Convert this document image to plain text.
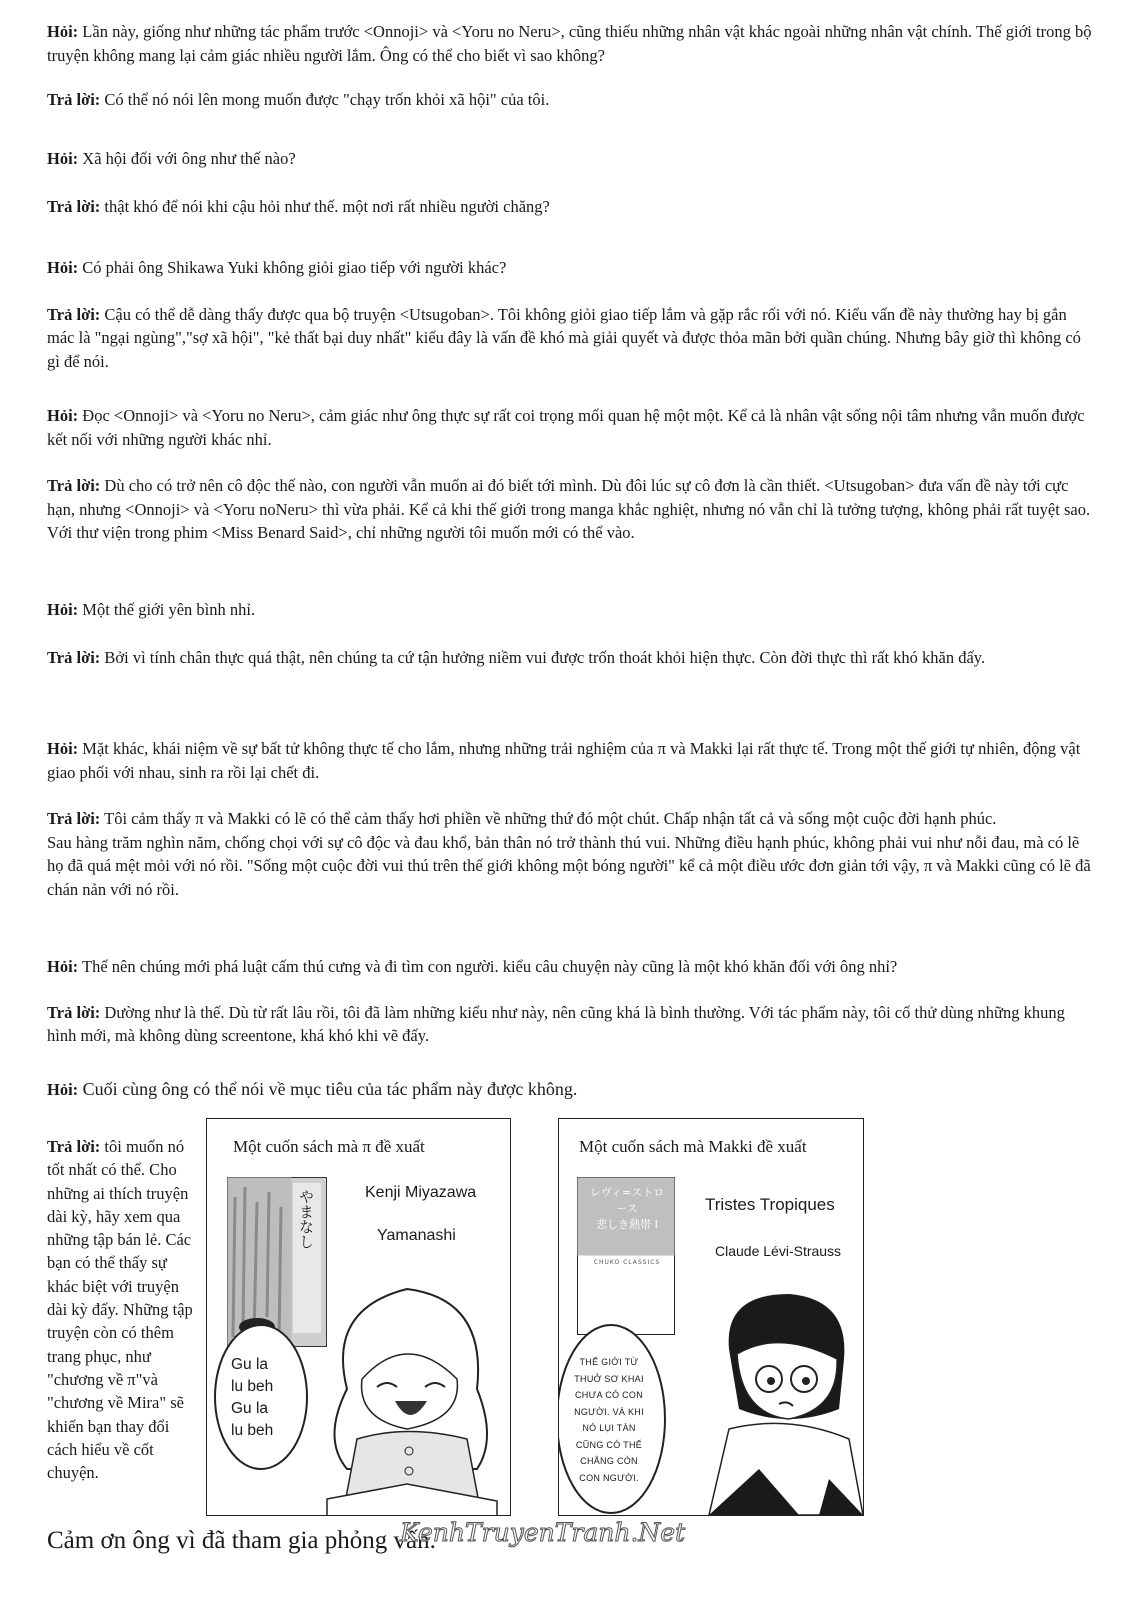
Hỏi: Lần này, giống như những tác phẩm trước <Onnoji> và <Yoru no Neru>, cũng thiếu những nhân vật khác ngoài những nhân vật chính. Thế giới trong bộ truyện không mang lại cảm giác nhiều người lắm. Ông có thể cho biết vì sao không?
Trả lời: Có thể nó nói lên mong muốn được "chạy trốn khỏi xã hội" của tôi.
Hỏi: Xã hội đối với ông như thế nào?
Trả lời: thật khó để nói khi cậu hỏi như thế. một nơi rất nhiều người chăng?
Hỏi: Có phải ông Shikawa Yuki không giỏi giao tiếp với người khác?
Trả lời: Cậu có thể dễ dàng thấy được qua bộ truyện <Utsugoban>. Tôi không giỏi giao tiếp lắm và gặp rắc rối với nó. Kiểu vấn đề này thường hay bị gắn mác là "ngại ngùng","sợ xã hội", "kẻ thất bại duy nhất" kiểu đây là vấn đề khó mà giải quyết và được thỏa mãn bởi quần chúng. Nhưng bây giờ thì không có gì để nói.
Hỏi: Đọc <Onnoji> và <Yoru no Neru>, cảm giác như ông thực sự rất coi trọng mối quan hệ một một. Kể cả là nhân vật sống nội tâm nhưng vẫn muốn được kết nối với những người khác nhỉ.
Trả lời: Dù cho có trở nên cô độc thế nào, con người vẫn muốn ai đó biết tới mình. Dù đôi lúc sự cô đơn là cần thiết. <Utsugoban> đưa vấn đề này tới cực hạn, nhưng <Onnoji> và <Yoru noNeru> thì vừa phải. Kể cả khi thế giới trong manga khắc nghiệt, nhưng nó vẫn chỉ là tưởng tượng, không phải rất tuyệt sao. Với thư viện trong phim <Miss Benard Said>, chỉ những người tôi muốn mới có thể vào.
Hỏi: Một thế giới yên bình nhỉ.
Trả lời: Bởi vì tính chân thực quá thật, nên chúng ta cứ tận hưởng niềm vui được trốn thoát khỏi hiện thực. Còn đời thực thì rất khó khăn đấy.
Hỏi: Mặt khác, khái niệm về sự bất tử không thực tế cho lắm, nhưng những trải nghiệm của π và Makki lại rất thực tế. Trong một thế giới tự nhiên, động vật giao phối với nhau, sinh ra rồi lại chết đi.
Trả lời: Tôi cảm thấy π và Makki có lẽ có thể cảm thấy hơi phiền về những thứ đó một chút. Chấp nhận tất cả và sống một cuộc đời hạnh phúc.
Sau hàng trăm nghìn năm, chống chọi với sự cô độc và đau khổ, bản thân nó trở thành thú vui. Những điều hạnh phúc, không phải vui như nỗi đau, mà có lẽ họ đã quá mệt mỏi với nó rồi. "Sống một cuộc đời vui thú trên thế giới không một bóng người" kể cả một điều ước đơn giản tới vậy, π và Makki cũng có lẽ đã chán nản với nó rồi.
Hỏi: Thế nên chúng mới phá luật cấm thú cưng và đi tìm con người. kiểu câu chuyện này cũng là một khó khăn đối với ông nhỉ?
Trả lời: Dường như là thế. Dù từ rất lâu rồi, tôi đã làm những kiểu như này, nên cũng khá là bình thường. Với tác phẩm này, tôi cố thử dùng những khung hình mới, mà không dùng screentone, khá khó khi vẽ đấy.
Hỏi: Cuối cùng ông có thể nói về mục tiêu của tác phẩm này được không.
Trả lời: tôi muốn nó tốt nhất có thể. Cho những ai thích truyện dài kỳ, hãy xem qua những tập bán lẻ. Các bạn có thể thấy sự khác biệt với truyện dài kỳ đấy. Những tập truyện còn có thêm trang phục, như "chương về π"và "chương về Mira" sẽ khiến bạn thay đổi cách hiểu về cốt chuyện.
Một cuốn sách mà π đề xuất
やまなし	Kenji Miyazawa
Yamanashi
Gu la
lu beh
Gu la
lu beh
Một cuốn sách mà Makki đề xuất
レヴィ=ストロース
悲しき熱帯 I
CHUKO CLASSICS
Tristes Tropiques
Claude Lévi-Strauss
THẾ GIỚI TỪ
THUỞ SƠ KHAI
CHƯA CÓ CON
NGƯỜI. VÀ KHI
NÓ LỤI TÀN
CŨNG CÓ THỂ
CHẲNG CÒN
CON NGƯỜI.
Cảm ơn ông vì đã tham gia phỏng vấn.
KenhTruyenTranh.Net
